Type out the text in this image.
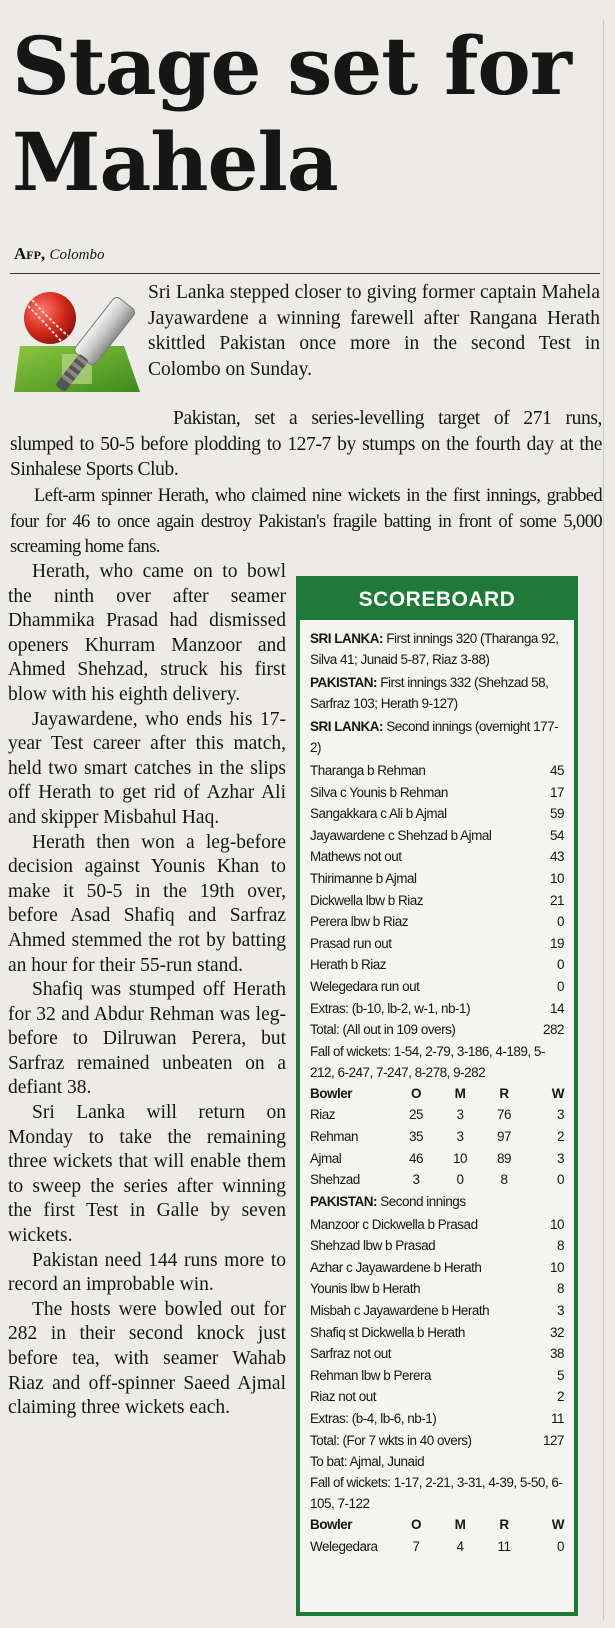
Stage set for Mahela
Afp, Colombo

Sri Lanka stepped closer to giving former captain Mahela Jayawardene a winning farewell after Rangana Herath skittled Pakistan once more in the second Test in Colombo on Sunday.

Pakistan, set a series-levelling target of 271 runs, slumped to 50-5 before plodding to 127-7 by stumps on the fourth day at the Sinhalese Sports Club.

Left-arm spinner Herath, who claimed nine wickets in the first innings, grabbed four for 46 to once again destroy Pakistan's fragile batting in front of some 5,000 screaming home fans.

Herath, who came on to bowl the ninth over after seamer Dhammika Prasad had dismissed openers Khurram Manzoor and Ahmed Shehzad, struck his first blow with his eighth delivery.

Jayawardene, who ends his 17-year Test career after this match, held two smart catches in the slips off Herath to get rid of Azhar Ali and skipper Misbahul Haq.

Herath then won a leg-before decision against Younis Khan to make it 50-5 in the 19th over, before Asad Shafiq and Sarfraz Ahmed stemmed the rot by batting an hour for their 55-run stand.

Shafiq was stumped off Herath for 32 and Abdur Rehman was leg-before to Dilruwan Perera, but Sarfraz remained unbeaten on a defiant 38.

Sri Lanka will return on Monday to take the remaining three wickets that will enable them to sweep the series after winning the first Test in Galle by seven wickets.

Pakistan need 144 runs more to record an improbable win.

The hosts were bowled out for 282 in their second knock just before tea, with seamer Wahab Riaz and off-spinner Saeed Ajmal claiming three wickets each.

SCOREBOARD
SRI LANKA: First innings 320 (Tharanga 92, Silva 41; Junaid 5-87, Riaz 3-88)
PAKISTAN: First innings 332 (Shehzad 58, Sarfraz 103; Herath 9-127)
SRI LANKA: Second innings (overnight 177-2)
Tharanga b Rehman	45
Silva c Younis b Rehman	17
Sangakkara c Ali b Ajmal	59
Jayawardene c Shehzad b Ajmal	54
Mathews not out	43
Thirimanne b Ajmal	10
Dickwella lbw b Riaz	21
Perera lbw b Riaz	0
Prasad run out	19
Herath b Riaz	0
Welegedara run out	0
Extras: (b-10, lb-2, w-1, nb-1)	14
Total: (All out in 109 overs)	282
Fall of wickets: 1-54, 2-79, 3-186, 4-189, 5-212, 6-247, 7-247, 8-278, 9-282
Bowler	O	M	R	W
Riaz	25	3	76	3
Rehman	35	3	97	2
Ajmal	46	10	89	3
Shehzad	3	0	8	0
PAKISTAN: Second innings
Manzoor c Dickwella b Prasad	10
Shehzad lbw b Prasad	8
Azhar c Jayawardene b Herath	10
Younis lbw b Herath	8
Misbah c Jayawardene b Herath	3
Shafiq st Dickwella b Herath	32
Sarfraz not out	38
Rehman lbw b Perera	5
Riaz not out	2
Extras: (b-4, lb-6, nb-1)	11
Total: (For 7 wkts in 40 overs)	127
To bat: Ajmal, Junaid
Fall of wickets: 1-17, 2-21, 3-31, 4-39, 5-50, 6-105, 7-122
Bowler	O	M	R	W
Welegedara	7	4	11	0
